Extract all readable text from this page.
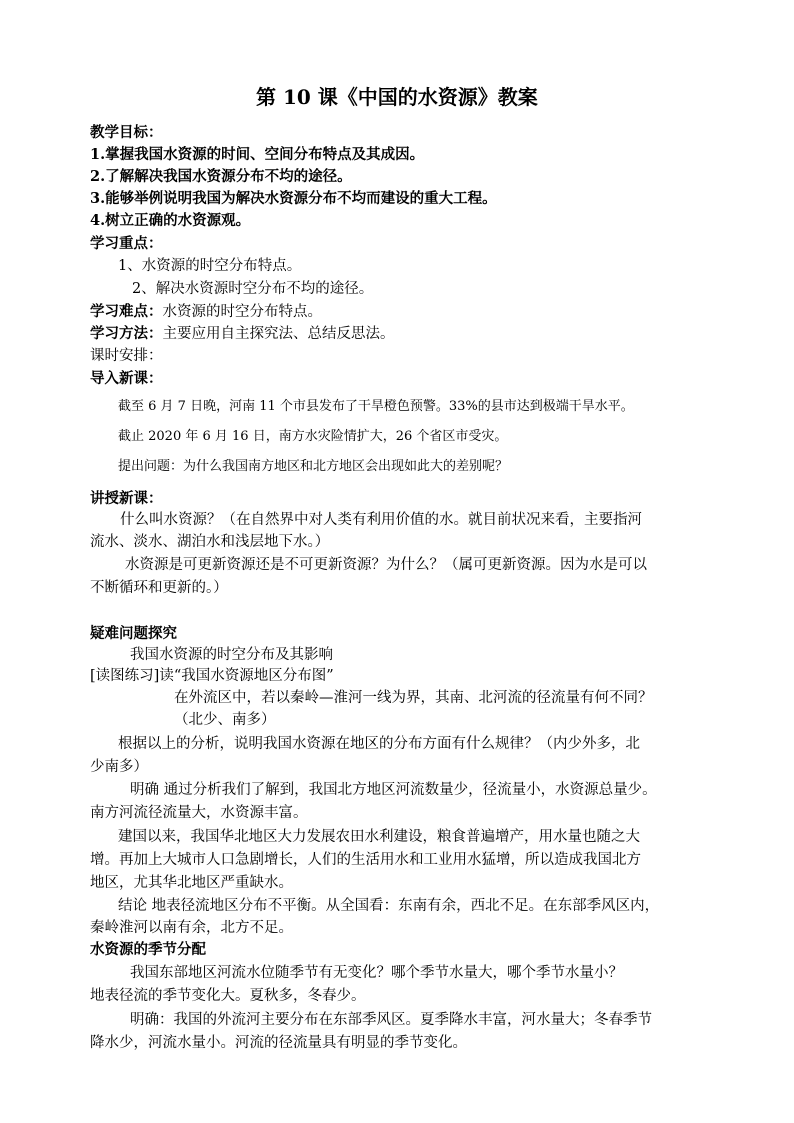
第 10 课《中国的水资源》教案
教学目标：
1.掌握我国水资源的时间、空间分布特点及其成因。
2.了解解决我国水资源分布不均的途径。
3.能够举例说明我国为解决水资源分布不均而建设的重大工程。
4.树立正确的水资源观。
学习重点：
1、水资源的时空分布特点。
2、解决水资源时空分布不均的途径。
学习难点：水资源的时空分布特点。
学习方法：主要应用自主探究法、总结反思法。
课时安排：
导入新课：
截至 6 月 7 日晚，河南 11 个市县发布了干旱橙色预警。33%的县市达到极端干旱水平。
截止 2020 年 6 月 16 日，南方水灾险情扩大，26 个省区市受灾。
提出问题：为什么我国南方地区和北方地区会出现如此大的差别呢？
讲授新课：
什么叫水资源？（在自然界中对人类有利用价值的水。就目前状况来看，主要指河
流水、淡水、湖泊水和浅层地下水。）
水资源是可更新资源还是不可更新资源？为什么？（属可更新资源。因为水是可以
不断循环和更新的。）
疑难问题探究
我国水资源的时空分布及其影响
[读图练习]读“我国水资源地区分布图”
在外流区中，若以秦岭—淮河一线为界，其南、北河流的径流量有何不同？
（北少、南多）
根据以上的分析，说明我国水资源在地区的分布方面有什么规律？（内少外多，北
少南多）
明确 通过分析我们了解到，我国北方地区河流数量少，径流量小，水资源总量少。
南方河流径流量大，水资源丰富。
建国以来，我国华北地区大力发展农田水利建设，粮食普遍增产，用水量也随之大
增。再加上大城市人口急剧增长，人们的生活用水和工业用水猛增，所以造成我国北方
地区，尤其华北地区严重缺水。
结论 地表径流地区分布不平衡。从全国看：东南有余，西北不足。在东部季风区内，
秦岭淮河以南有余，北方不足。
水资源的季节分配
我国东部地区河流水位随季节有无变化？哪个季节水量大，哪个季节水量小？
地表径流的季节变化大。夏秋多，冬春少。
明确：我国的外流河主要分布在东部季风区。夏季降水丰富，河水量大；冬春季节
降水少，河流水量小。河流的径流量具有明显的季节变化。
